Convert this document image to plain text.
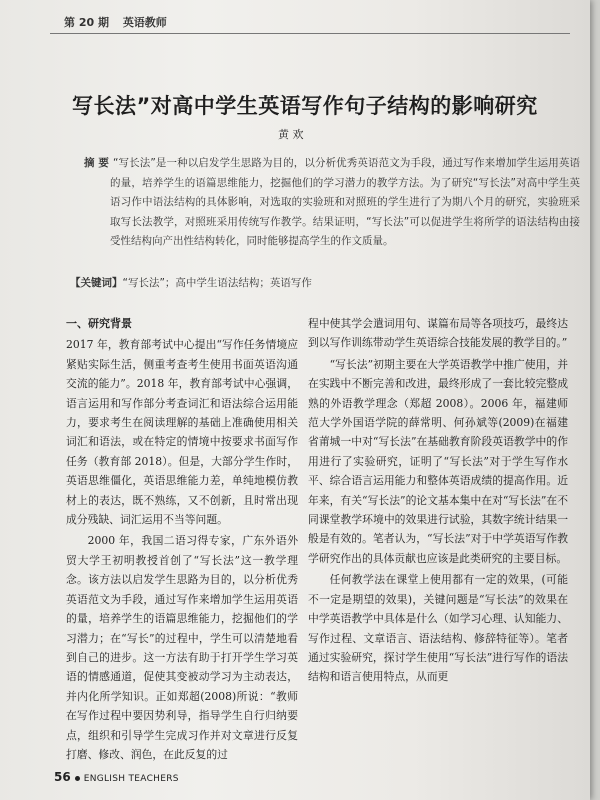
第 20 期 英语教师
写长法”对高中学生英语写作句子结构的影响研究
黄 欢
摘 要 “写长法”是一种以启发学生思路为目的，以分析优秀英语范文为手段，通过写作来增加学生运用英语的量，培养学生的语篇思维能力，挖掘他们的学习潜力的教学方法。为了研究“写长法”对高中学生英语习作中语法结构的具体影响，对选取的实验班和对照班的学生进行了为期八个月的研究，实验班采取写长法教学，对照班采用传统写作教学。结果证明，“写长法”可以促进学生将所学的语法结构由接受性结构向产出性结构转化，同时能够提高学生的作文质量。
【关键词】“写长法”；高中学生语法结构；英语写作
一、研究背景

2017 年，教育部考试中心提出“写作任务情境应紧贴实际生活，侧重考查考生使用书面英语沟通交流的能力”。2018 年，教育部考试中心强调，语言运用和写作部分考查词汇和语法综合运用能力，要求考生在阅读理解的基础上准确使用相关词汇和语法，或在特定的情境中按要求书面写作任务（教育部 2018）。但是，大部分学生作时，英语思维僵化，英语思维能力差，单纯地模仿教材上的表达，既不熟练，又不创新，且时常出现成分残缺、词汇运用不当等问题。

2000 年，我国二语习得专家，广东外语外贸大学王初明教授首创了“写长法”这一教学理念。该方法以启发学生思路为目的，以分析优秀英语范文为手段，通过写作来增加学生运用英语的量，培养学生的语篇思维能力，挖掘他们的学习潜力；在“写长”的过程中，学生可以清楚地看到自己的进步。这一方法有助于打开学生学习英语的情感通道，促使其变被动学习为主动表达，并内化所学知识。正如郑超(2008)所说：“教师在写作过程中要因势利导，指导学生自行归纳要点，组织和引导学生完成习作并对文章进行反复打磨、修改、润色，在此反复的过

程中使其学会遣词用句、谋篇布局等各项技巧，最终达到以写作训练带动学生英语综合技能发展的教学目的。”

“写长法”初期主要在大学英语教学中推广使用，并在实践中不断完善和改进，最终形成了一套比较完整成熟的外语教学理念（郑超 2008）。2006 年，福建师范大学外国语学院的薛常明、何孙斌等(2009)在福建省莆城一中对“写长法”在基础教育阶段英语教学中的作用进行了实验研究，证明了“写长法”对于学生写作水平、综合语言运用能力和整体英语成绩的提高作用。近年来，有关“写长法”的论文基本集中在对“写长法”在不同课堂教学环境中的效果进行试验，其数字统计结果一般是有效的。笔者认为，“写长法”对于中学英语写作教学研究作出的具体贡献也应该是此类研究的主要目标。

任何教学法在课堂上使用都有一定的效果，(可能不一定是期望的效果)，关键问题是“写长法”的效果在中学英语教学中具体是什么（如学习心理、认知能力、写作过程、文章语言、语法结构、修辞特征等）。笔者通过实验研究，探讨学生使用“写长法”进行写作的语法结构和语言使用特点，从而更

56 ENGLISH TEACHERS
